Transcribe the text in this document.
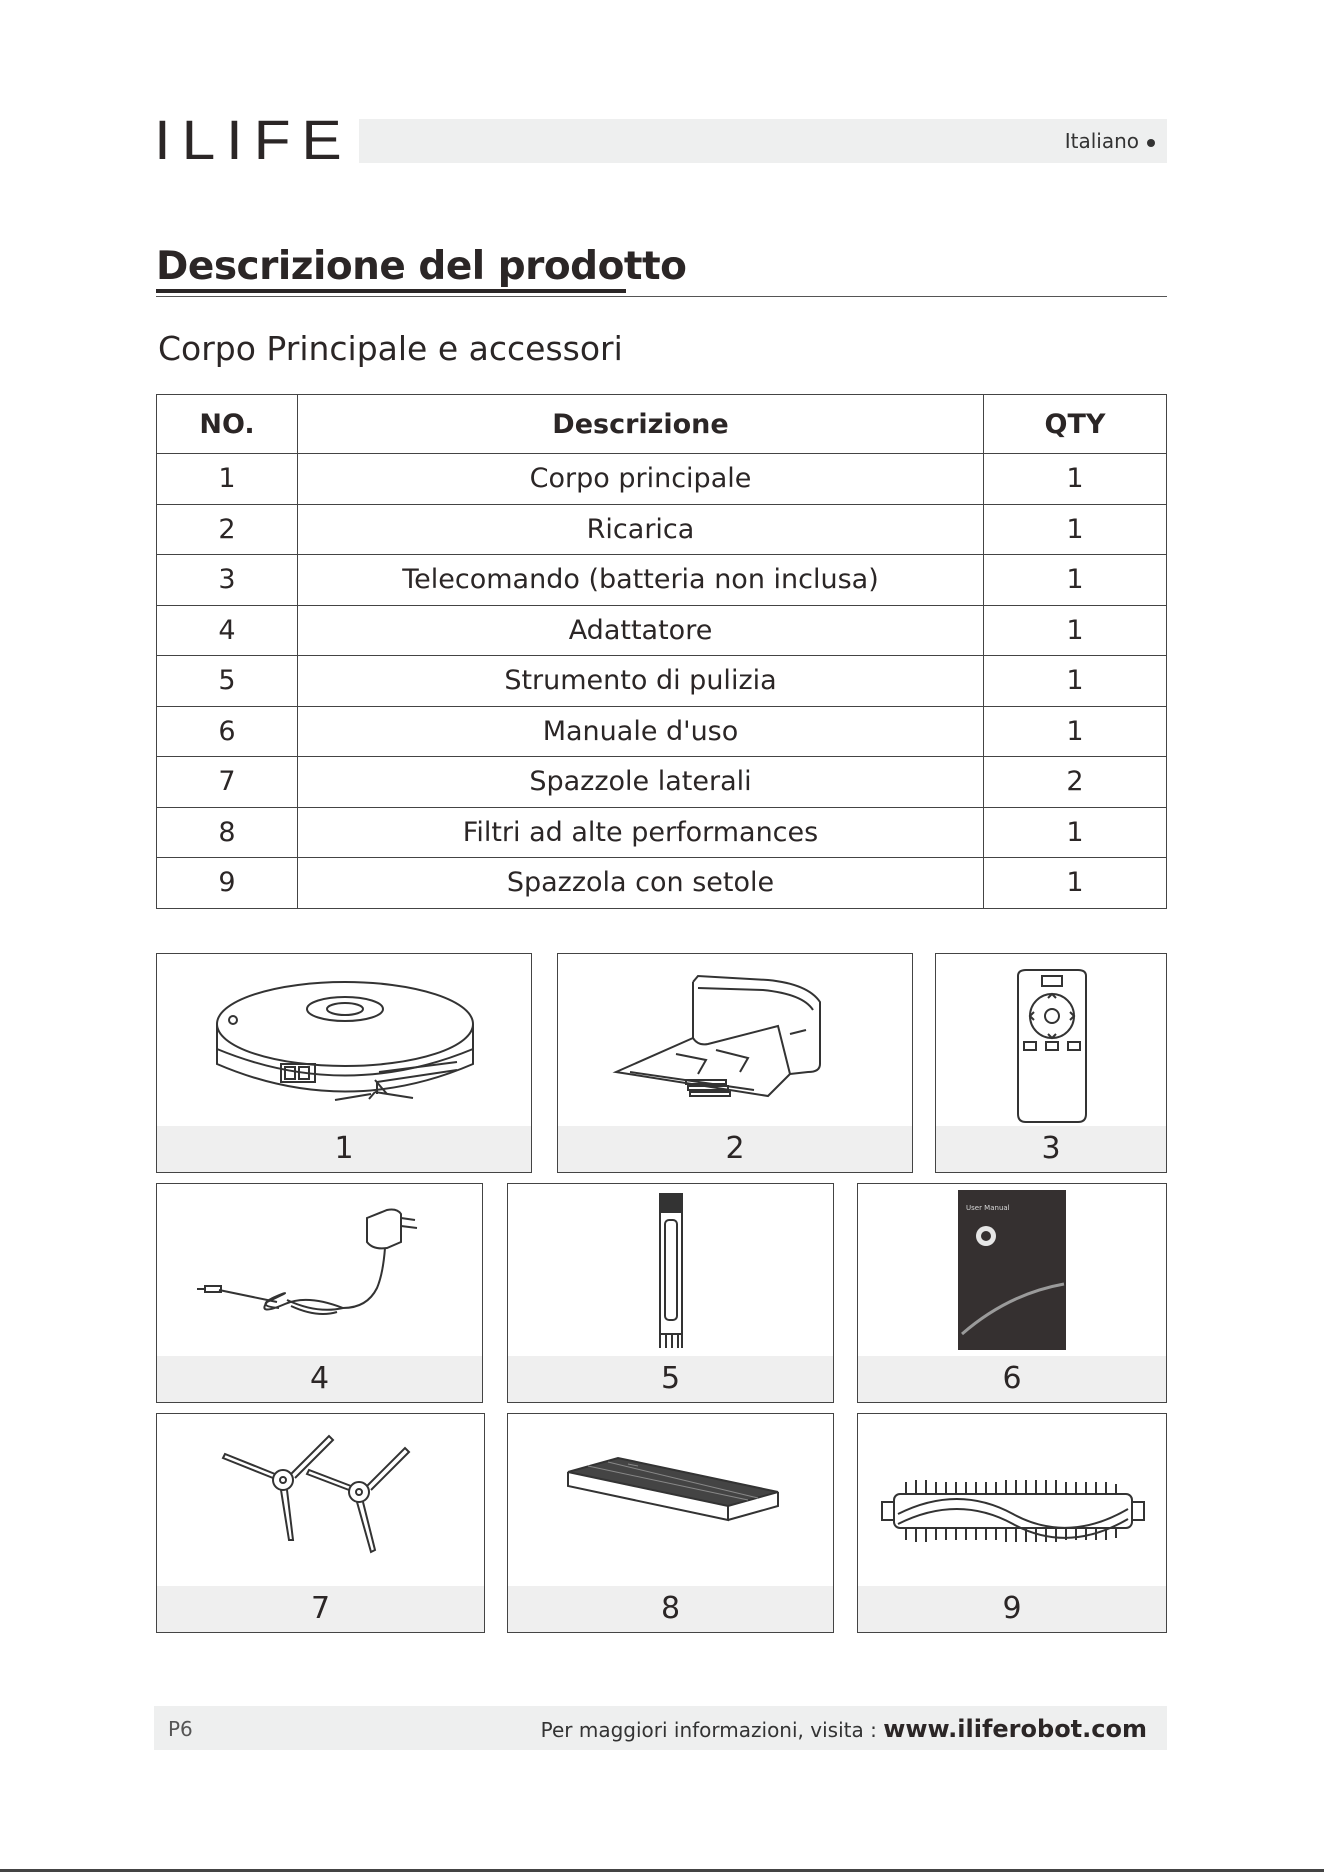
ILIFE	Italiano
Descrizione del prodotto
Corpo Principale e accessori
NO.	Descrizione	QTY
1	Corpo principale	1
2	Ricarica	1
3	Telecomando (batteria non inclusa)	1
4	Adattatore	1
5	Strumento di pulizia	1
6	Manuale d'uso	1
7	Spazzole laterali	2
8	Filtri ad alte performances	1
9	Spazzola con setole	1
1	2	3
4	5
User Manual
6
7	8	9
P6	Per maggiori informazioni, visita : www.iliferobot.com
